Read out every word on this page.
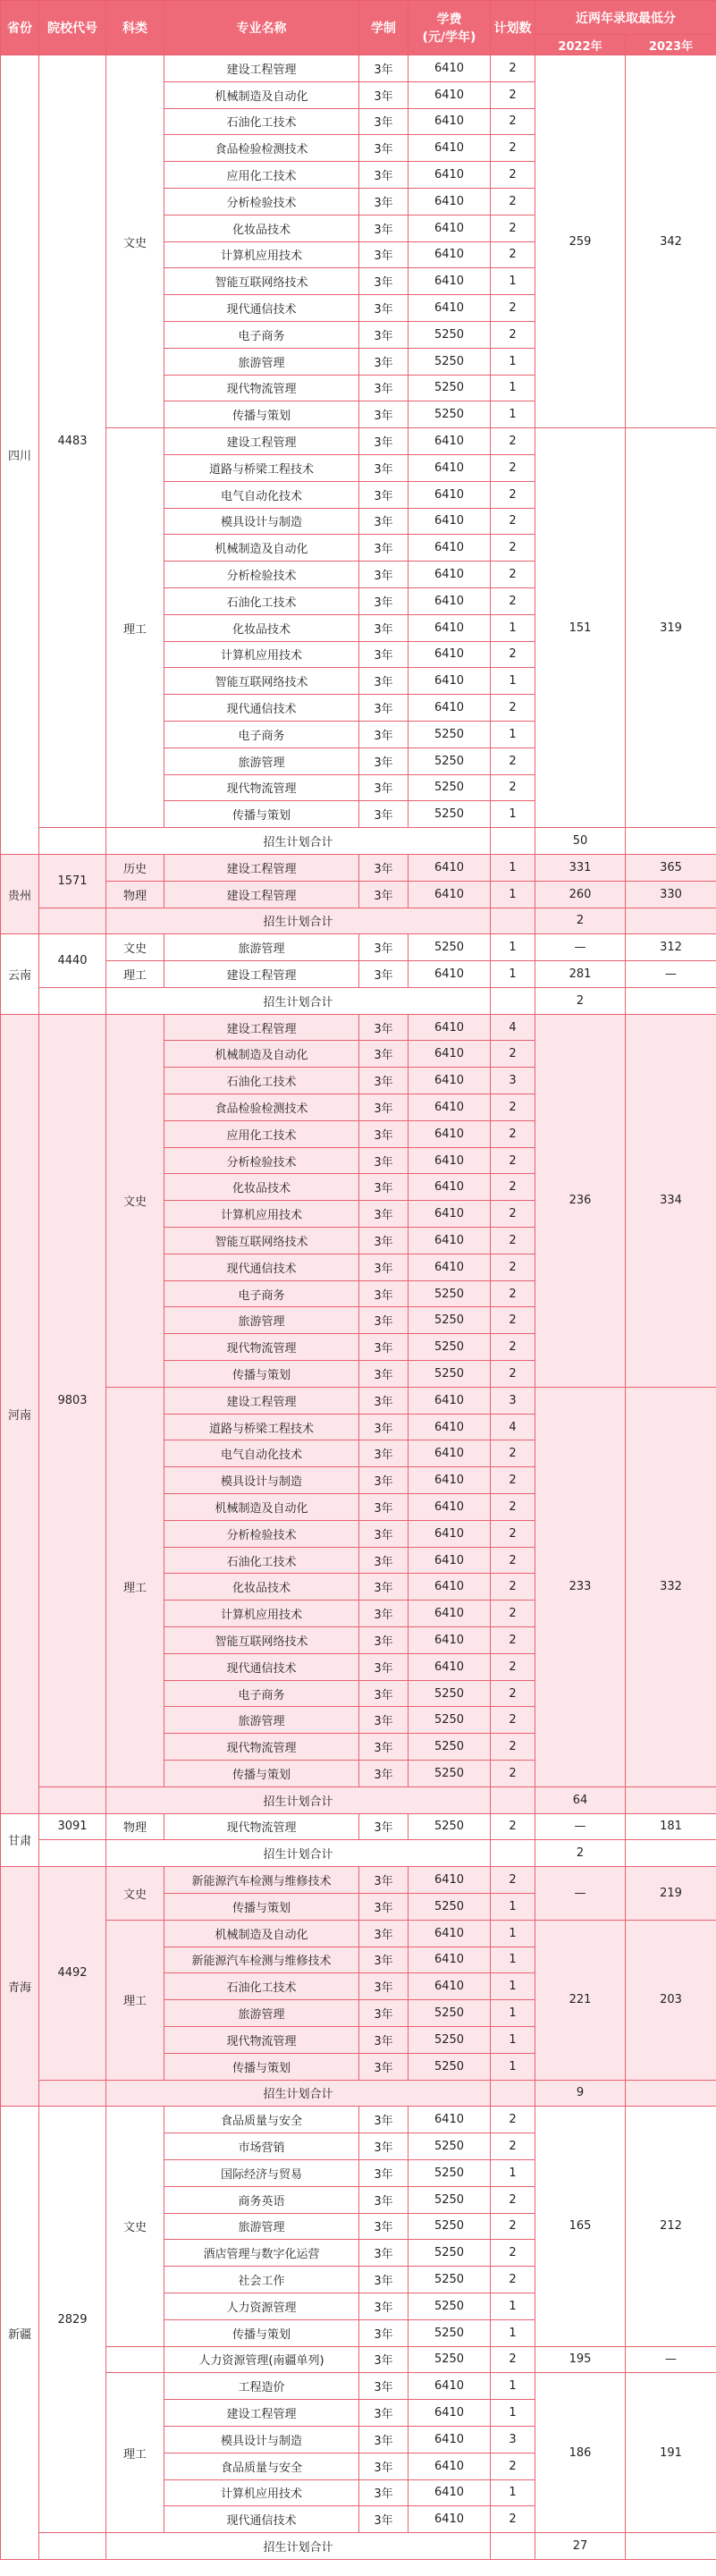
省份	院校代号	科类	专业名称	学制	学费
(元/学年)	计划数	近两年录取最低分	
							2022年	2023年
四川	4483	文史	建设工程管理	3年	6410	2	259	342
			机械制造及自动化	3年	6410	2		
			石油化工技术	3年	6410	2		
			食品检验检测技术	3年	6410	2		
			应用化工技术	3年	6410	2		
			分析检验技术	3年	6410	2		
			化妆品技术	3年	6410	2		
			计算机应用技术	3年	6410	2		
			智能互联网络技术	3年	6410	1		
			现代通信技术	3年	6410	2		
			电子商务	3年	5250	2		
			旅游管理	3年	5250	1		
			现代物流管理	3年	5250	1		
			传播与策划	3年	5250	1		
		理工	建设工程管理	3年	6410	2	151	319
			道路与桥梁工程技术	3年	6410	2		
			电气自动化技术	3年	6410	2		
			模具设计与制造	3年	6410	2		
			机械制造及自动化	3年	6410	2		
			分析检验技术	3年	6410	2		
			石油化工技术	3年	6410	2		
			化妆品技术	3年	6410	1		
			计算机应用技术	3年	6410	2		
			智能互联网络技术	3年	6410	1		
			现代通信技术	3年	6410	2		
			电子商务	3年	5250	1		
			旅游管理	3年	5250	2		
			现代物流管理	3年	5250	2		
			传播与策划	3年	5250	1		
		招生计划合计					50	
贵州	1571	历史	建设工程管理	3年	6410	1	331	365
		物理	建设工程管理	3年	6410	1	260	330
		招生计划合计					2	
云南	4440	文史	旅游管理	3年	5250	1	—	312
		理工	建设工程管理	3年	6410	1	281	—
		招生计划合计					2	
河南	9803	文史	建设工程管理	3年	6410	4	236	334
			机械制造及自动化	3年	6410	2		
			石油化工技术	3年	6410	3		
			食品检验检测技术	3年	6410	2		
			应用化工技术	3年	6410	2		
			分析检验技术	3年	6410	2		
			化妆品技术	3年	6410	2		
			计算机应用技术	3年	6410	2		
			智能互联网络技术	3年	6410	2		
			现代通信技术	3年	6410	2		
			电子商务	3年	5250	2		
			旅游管理	3年	5250	2		
			现代物流管理	3年	5250	2		
			传播与策划	3年	5250	2		
		理工	建设工程管理	3年	6410	3	233	332
			道路与桥梁工程技术	3年	6410	4		
			电气自动化技术	3年	6410	2		
			模具设计与制造	3年	6410	2		
			机械制造及自动化	3年	6410	2		
			分析检验技术	3年	6410	2		
			石油化工技术	3年	6410	2		
			化妆品技术	3年	6410	2		
			计算机应用技术	3年	6410	2		
			智能互联网络技术	3年	6410	2		
			现代通信技术	3年	6410	2		
			电子商务	3年	5250	2		
			旅游管理	3年	5250	2		
			现代物流管理	3年	5250	2		
			传播与策划	3年	5250	2		
		招生计划合计					64	
甘肃	3091	物理	现代物流管理	3年	5250	2	—	181
		招生计划合计					2	
青海	4492	文史	新能源汽车检测与维修技术	3年	6410	2	—	219
			传播与策划	3年	5250	1		
		理工	机械制造及自动化	3年	6410	1	221	203
			新能源汽车检测与维修技术	3年	6410	1		
			石油化工技术	3年	6410	1		
			旅游管理	3年	5250	1		
			现代物流管理	3年	5250	1		
			传播与策划	3年	5250	1		
		招生计划合计					9	
新疆	2829	文史	食品质量与安全	3年	6410	2	165	212
			市场营销	3年	5250	2		
			国际经济与贸易	3年	5250	1		
			商务英语	3年	5250	2		
			旅游管理	3年	5250	2		
			酒店管理与数字化运营	3年	5250	2		
			社会工作	3年	5250	2		
			人力资源管理	3年	5250	1		
			传播与策划	3年	5250	1		
			人力资源管理(南疆单列)	3年	5250	2	195	—
		理工	工程造价	3年	6410	1	186	191
			建设工程管理	3年	6410	1		
			模具设计与制造	3年	6410	3		
			食品质量与安全	3年	6410	2		
			计算机应用技术	3年	6410	1		
			现代通信技术	3年	6410	2		
		招生计划合计					27	
